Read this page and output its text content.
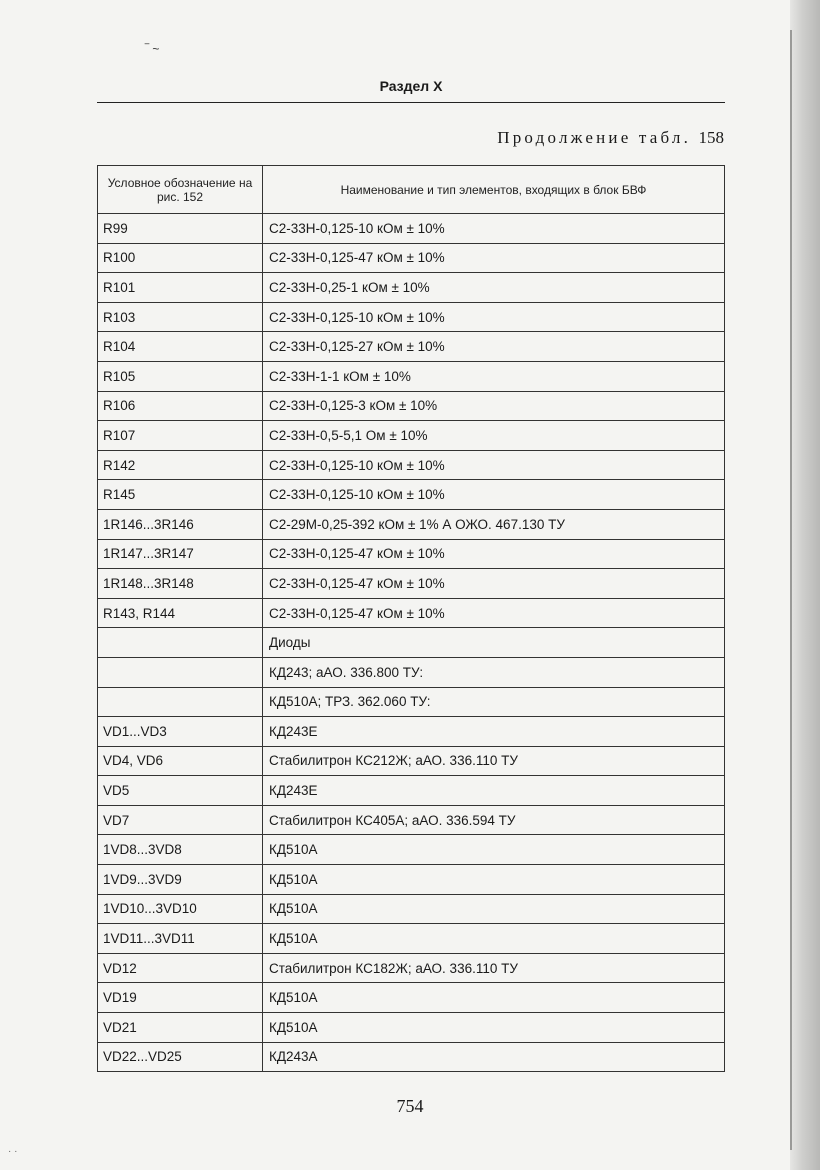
‾ ~
· ·
Раздел X
Продолжение табл. 158
Условное обозначение на рис. 152	Наименование и тип элементов, входящих в блок БВФ
R99	С2-33Н-0,125-10 кОм ± 10%
R100	С2-33Н-0,125-47 кОм ± 10%
R101	С2-33Н-0,25-1 кОм ± 10%
R103	С2-33Н-0,125-10 кОм ± 10%
R104	С2-33Н-0,125-27 кОм ± 10%
R105	С2-33Н-1-1 кОм ± 10%
R106	С2-33Н-0,125-3 кОм ± 10%
R107	С2-33Н-0,5-5,1 Ом ± 10%
R142	С2-33Н-0,125-10 кОм ± 10%
R145	С2-33Н-0,125-10 кОм ± 10%
1R146...3R146	С2-29М-0,25-392 кОм ± 1% А ОЖО. 467.130 ТУ
1R147...3R147	С2-33Н-0,125-47 кОм ± 10%
1R148...3R148	С2-33Н-0,125-47 кОм ± 10%
R143, R144	С2-33Н-0,125-47 кОм ± 10%
	Диоды
	КД243; аАО. 336.800 ТУ:
	КД510А; ТРЗ. 362.060 ТУ:
VD1...VD3	КД243Е
VD4, VD6	Стабилитрон КС212Ж; аАО. 336.110 ТУ
VD5	КД243Е
VD7	Стабилитрон КС405А; аАО. 336.594 ТУ
1VD8...3VD8	КД510А
1VD9...3VD9	КД510А
1VD10...3VD10	КД510А
1VD11...3VD11	КД510А
VD12	Стабилитрон КС182Ж; аАО. 336.110 ТУ
VD19	КД510А
VD21	КД510А
VD22...VD25	КД243А
754
